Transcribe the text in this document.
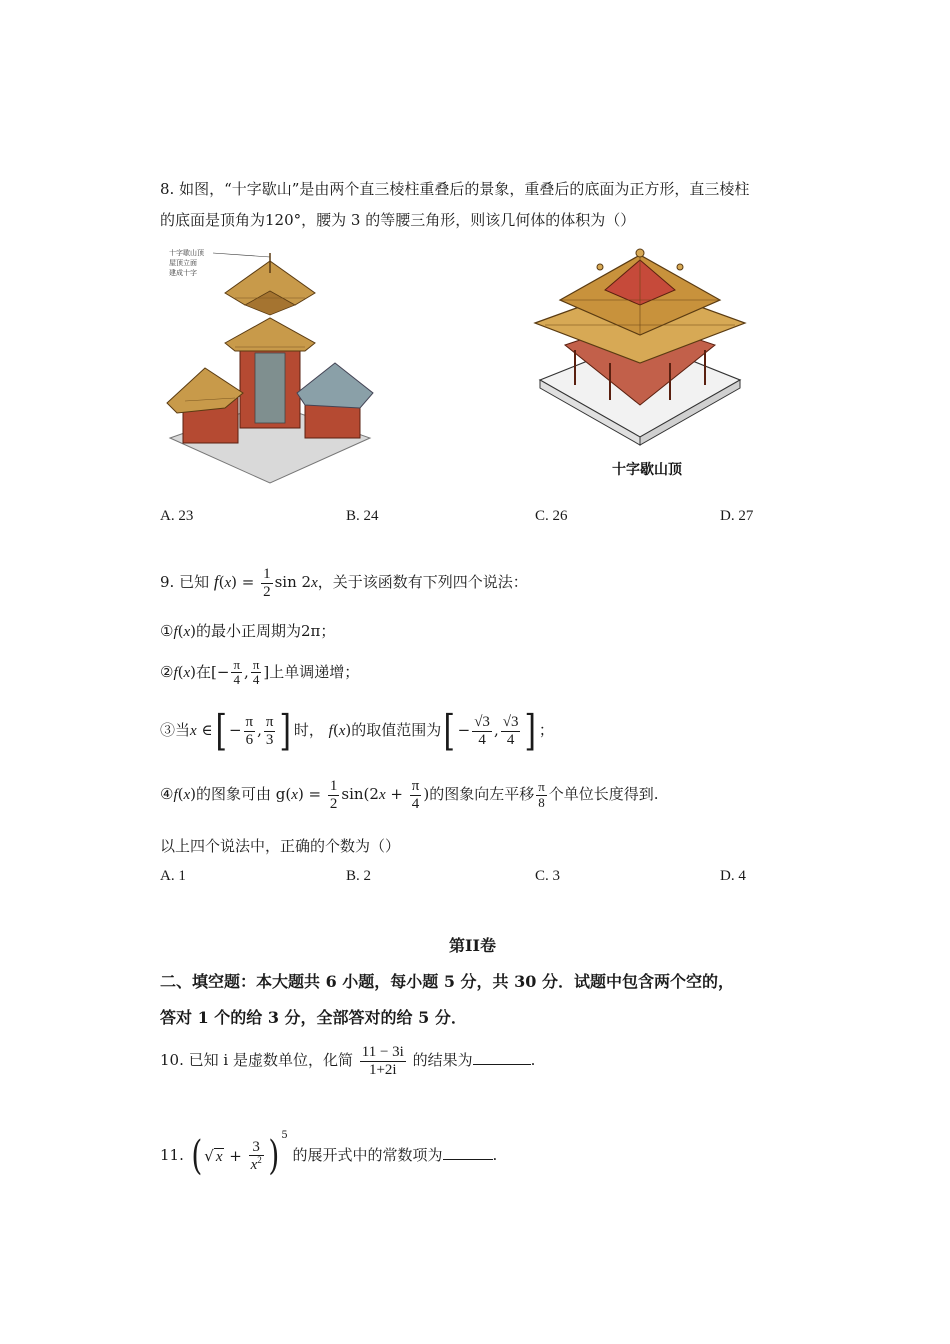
8. 如图，“十字歇山”是由两个直三棱柱重叠后的景象，重叠后的底面为正方形，直三棱柱
的底面是顶角为120°，腰为 3 的等腰三角形，则该几何体的体积为（）
十字歇山顶
屋顶立面
建成十字
十字歇山顶
A. 23	B. 24	C. 26	D. 27
9. 已知 $f(x) = \frac{1}{2}$ sin 2x，关于该函数有下列四个说法：
①f(x)的最小正周期为2π；
②f(x)在[− $\frac{\pi}{4}$ , $\frac{\pi}{4}$ ]上单调递增；
③当x ∈[ − $\frac{\pi}{6}$ , $\frac{\pi}{3}$ ] 时， f(x)的取值范围为[ − $\frac{√3}{4}$ , $\frac{√3}{4}$ ] ；
④f(x)的图象可由 $g(x) = \frac{1}{2} \sin(2x + \frac{\pi}{4}$ )的图象向左平移 $\frac{\pi}{8}$ 个单位长度得到.
以上四个说法中，正确的个数为（）
A. 1	B. 2	C. 3	D. 4
第II卷
二、填空题：本大题共 6 小题，每小题 5 分，共 30 分．试题中包含两个空的，
答对 1 个的给 3 分，全部答对的给 5 分．
10. 已知 i 是虚数单位，化简 $\frac{11 - 3i}{1+2i}$ 的结果为	.
11. ( √ $x + \frac{3}{x^2}$ ) $^5$ 的展开式中的常数项为	.
